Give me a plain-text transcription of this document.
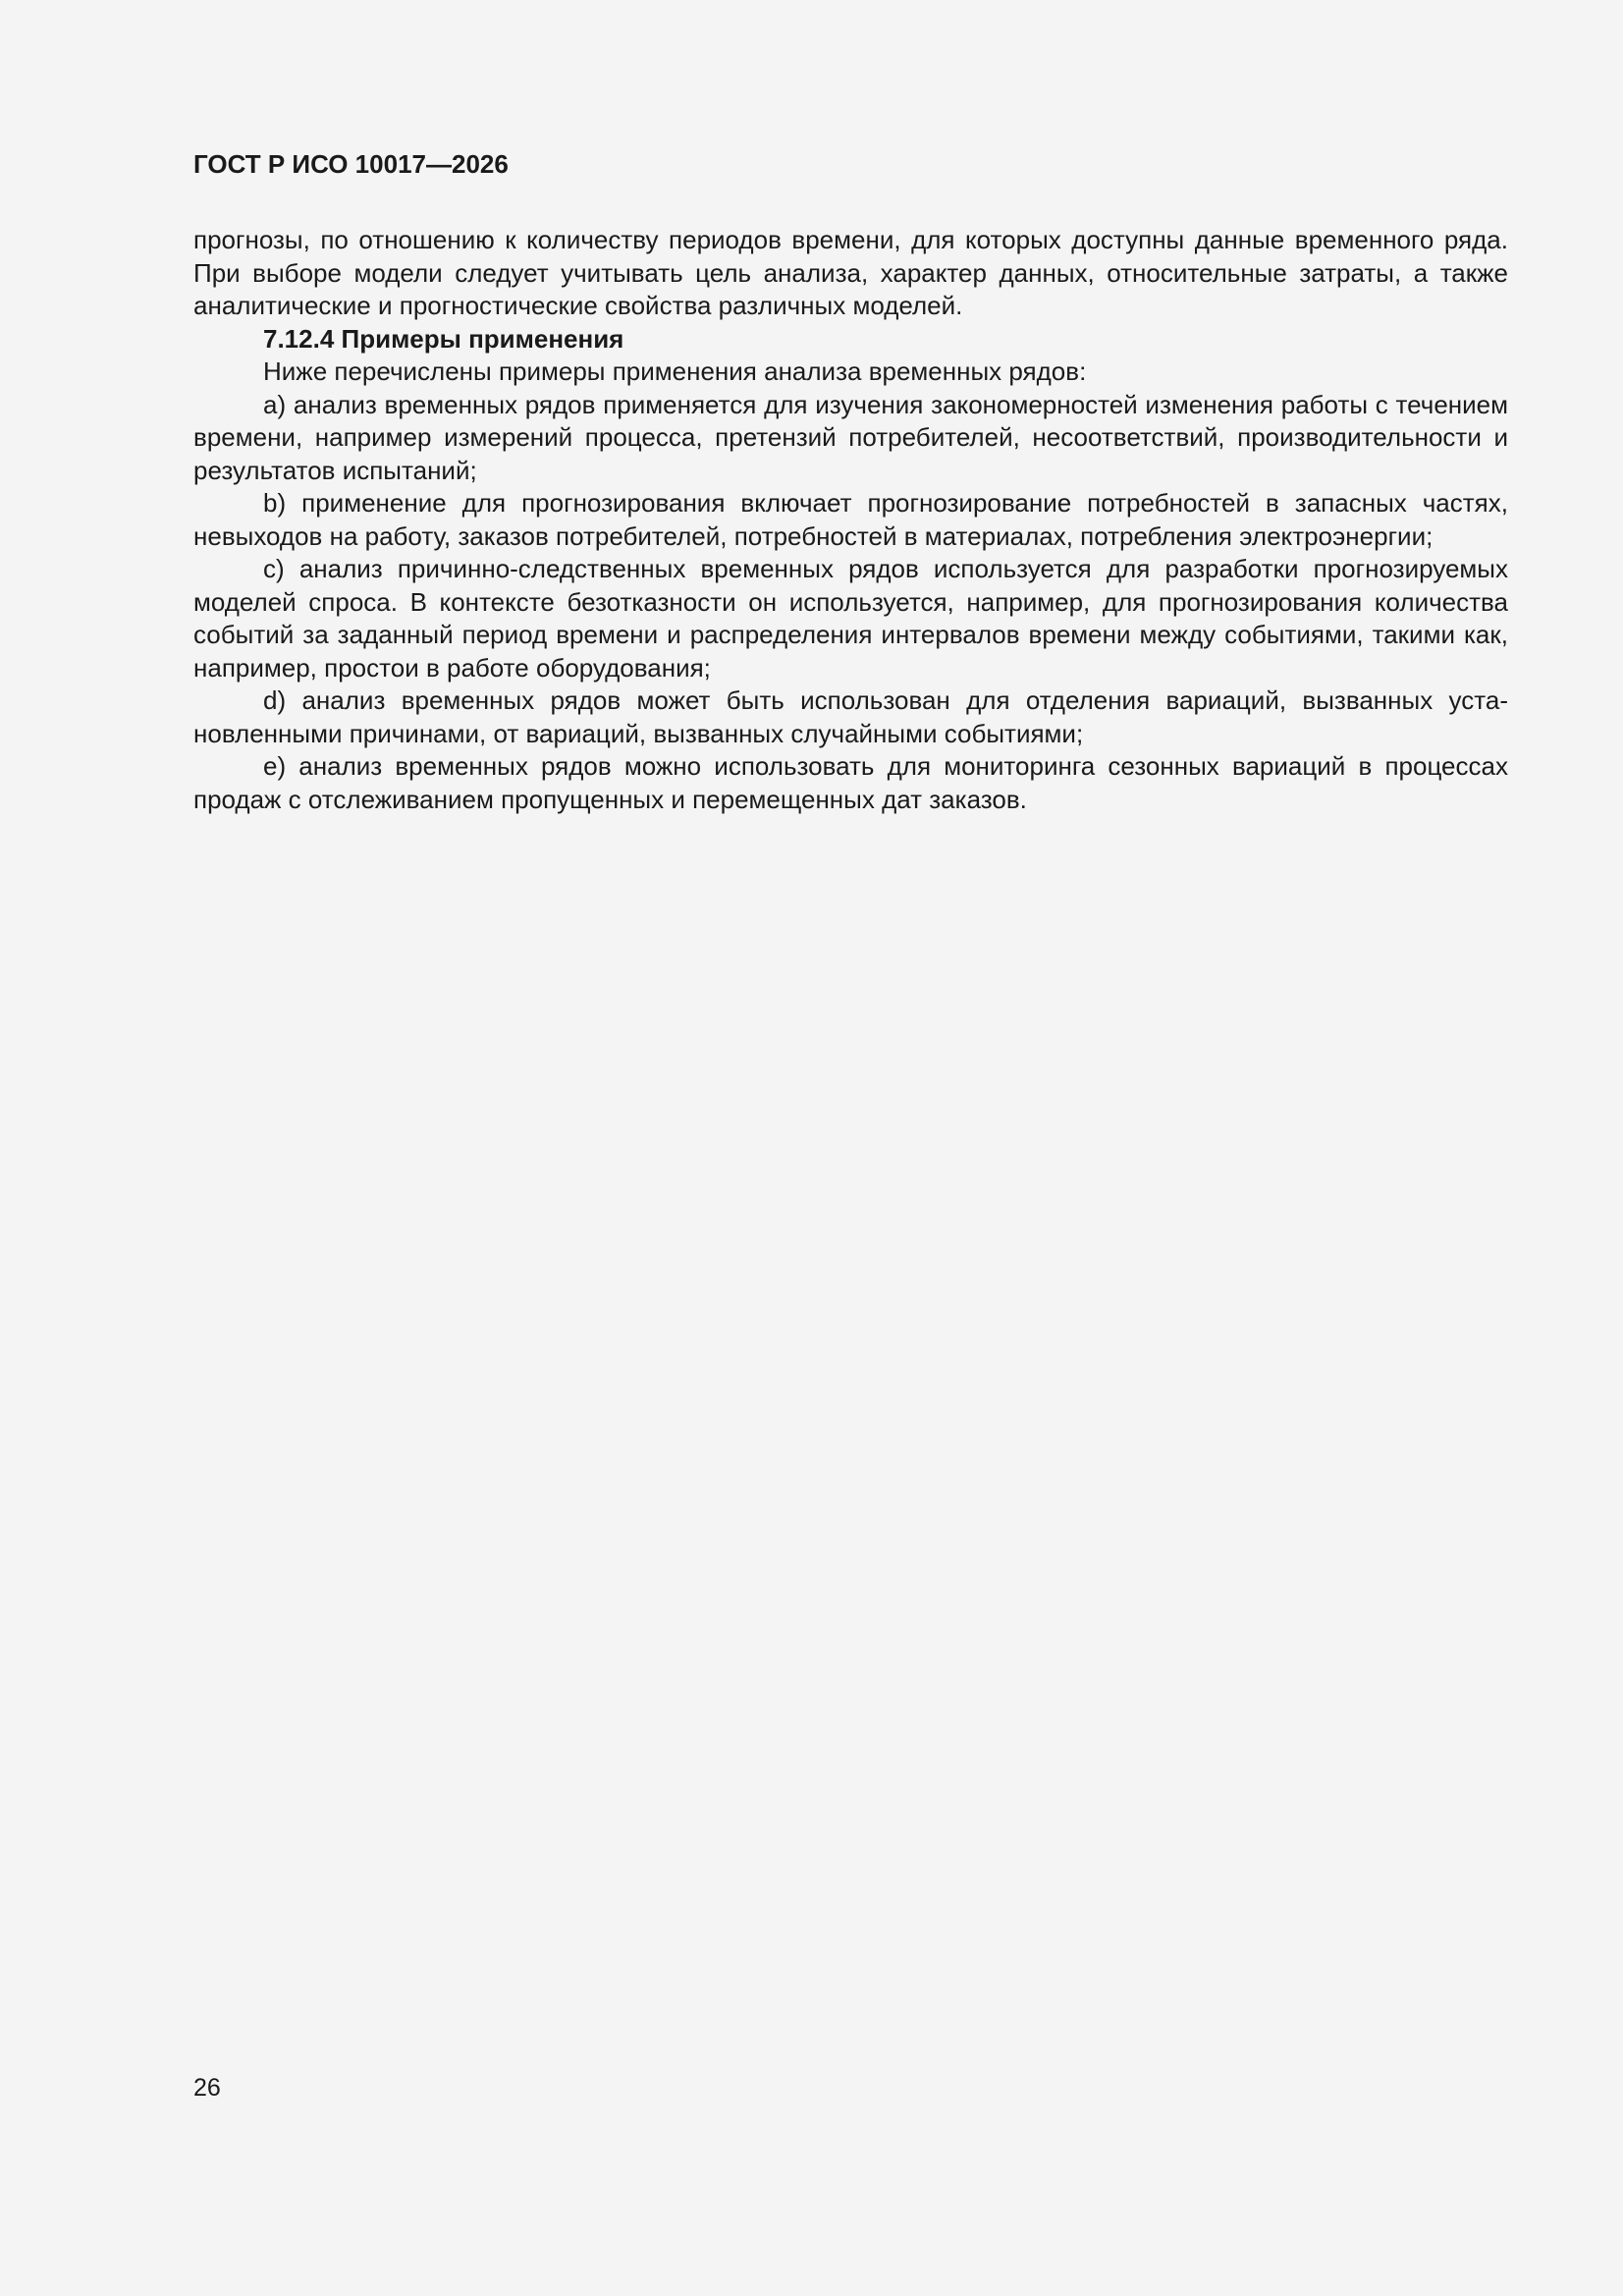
ГОСТ Р ИСО 10017—2026

прогнозы, по отношению к количеству периодов времени, для которых доступны данные временного ряда. При выборе модели следует учитывать цель анализа, характер данных, относительные затраты, а также аналитические и прогностические свойства различных моделей.

7.12.4 Примеры применения

Ниже перечислены примеры применения анализа временных рядов:

a) анализ временных рядов применяется для изучения закономерностей изменения работы с течением времени, например измерений процесса, претензий потребителей, несоответствий, производительности и результатов испытаний;

b) применение для прогнозирования включает прогнозирование потребностей в запасных частях, невыходов на работу, заказов потребителей, потребностей в материалах, потребления электроэнергии;

c) анализ причинно-следственных временных рядов используется для разработки прогнозируемых моделей спроса. В контексте безотказности он используется, например, для прогнозирования количества событий за заданный период времени и распределения интервалов времени между событиями, такими как, например, простои в работе оборудования;

d) анализ временных рядов может быть использован для отделения вариаций, вызванных установленными причинами, от вариаций, вызванных случайными событиями;

e) анализ временных рядов можно использовать для мониторинга сезонных вариаций в процессах продаж с отслеживанием пропущенных и перемещенных дат заказов.

26
